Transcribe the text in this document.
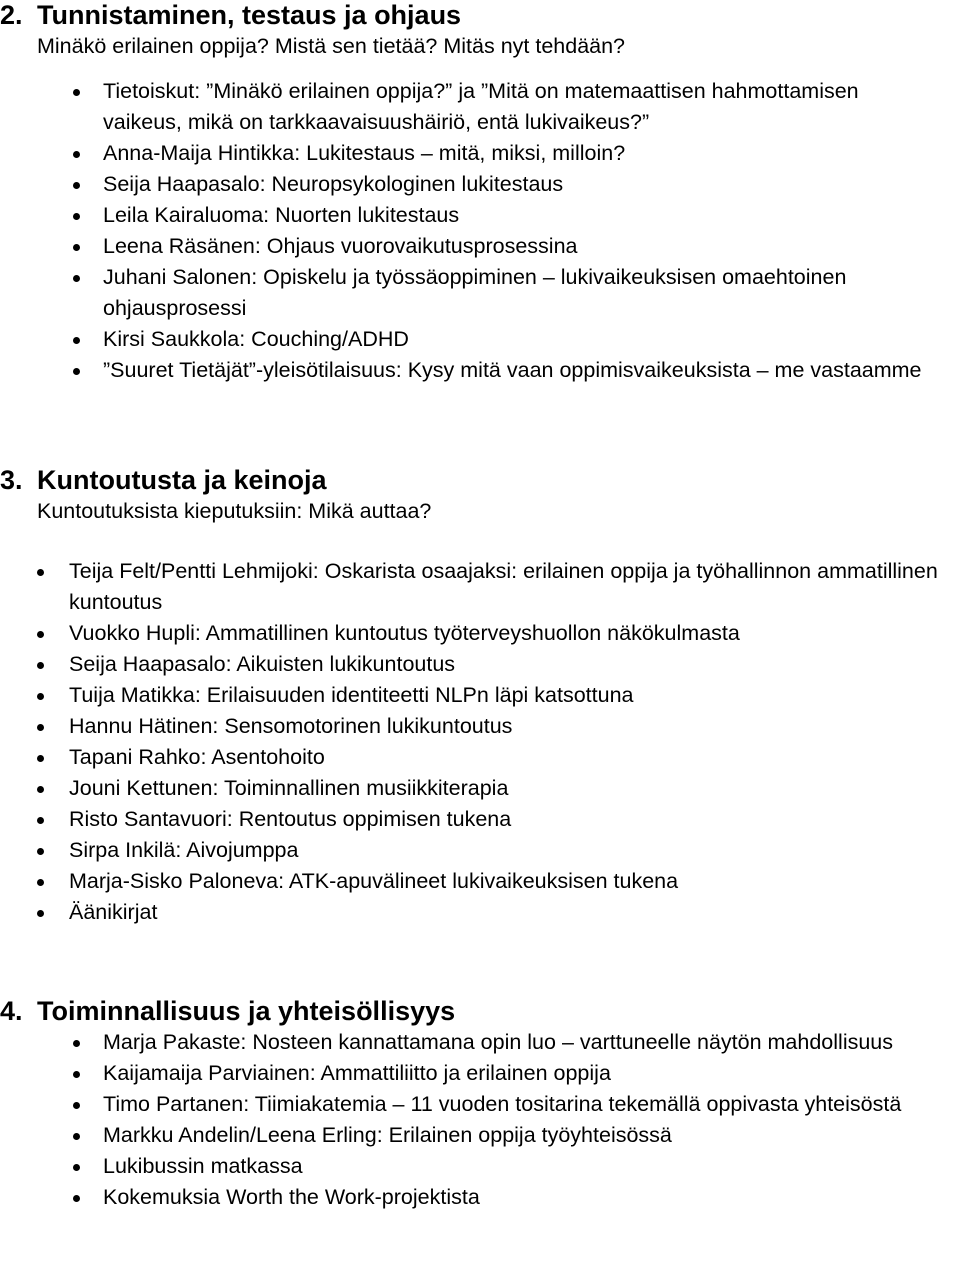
2. Tunnistaminen, testaus ja ohjaus

Minäkö erilainen oppija? Mistä sen tietää? Mitäs nyt tehdään?

Tietoiskut: ”Minäkö erilainen oppija?” ja ”Mitä on matemaattisen hahmottamisen vaikeus, mikä on tarkkaavaisuushäiriö, entä lukivaikeus?”
Anna-Maija Hintikka: Lukitestaus – mitä, miksi, milloin?
Seija Haapasalo: Neuropsykologinen lukitestaus
Leila Kairaluoma: Nuorten lukitestaus
Leena Räsänen: Ohjaus vuorovaikutusprosessina
Juhani Salonen: Opiskelu ja työssäoppiminen – lukivaikeuksisen omaehtoinen ohjausprosessi
Kirsi Saukkola: Couching/ADHD
”Suuret Tietäjät”-yleisötilaisuus: Kysy mitä vaan oppimisvaikeuksista – me vastaamme
3. Kuntoutusta ja keinoja

Kuntoutuksista kieputuksiin: Mikä auttaa?

Teija Felt/Pentti Lehmijoki: Oskarista osaajaksi: erilainen oppija ja työhallinnon ammatillinen kuntoutus
Vuokko Hupli: Ammatillinen kuntoutus työterveyshuollon näkökulmasta
Seija Haapasalo: Aikuisten lukikuntoutus
Tuija Matikka: Erilaisuuden identiteetti NLPn läpi katsottuna
Hannu Hätinen: Sensomotorinen lukikuntoutus
Tapani Rahko: Asentohoito
Jouni Kettunen: Toiminnallinen musiikkiterapia
Risto Santavuori: Rentoutus oppimisen tukena
Sirpa Inkilä: Aivojumppa
Marja-Sisko Paloneva: ATK-apuvälineet lukivaikeuksisen tukena
Äänikirjat
4. Toiminnallisuus ja yhteisöllisyys
Marja Pakaste: Nosteen kannattamana opin luo – varttuneelle näytön mahdollisuus
Kaijamaija Parviainen: Ammattiliitto ja erilainen oppija
Timo Partanen: Tiimiakatemia – 11 vuoden tositarina tekemällä oppivasta yhteisöstä
Markku Andelin/Leena Erling: Erilainen oppija työyhteisössä
Lukibussin matkassa
Kokemuksia Worth the Work-projektista
